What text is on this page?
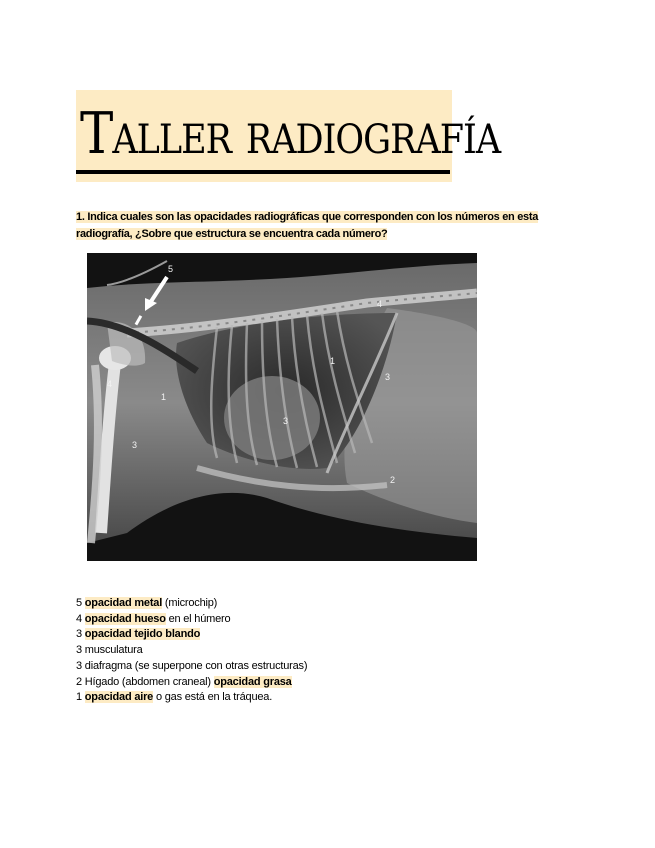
Taller radiografía
1. Indica cuales son las opacidades radiográficas que corresponden con los números en esta radiografía, ¿Sobre que estructura se encuentra cada número?
5
4
4
1
1
3
3
3
2
5 opacidad metal (microchip)
4 opacidad hueso en el húmero
3 opacidad tejido blando
3 musculatura
3 diafragma (se superpone con otras estructuras)
2 Hígado (abdomen craneal) opacidad grasa
1 opacidad aire o gas está en la tráquea.
